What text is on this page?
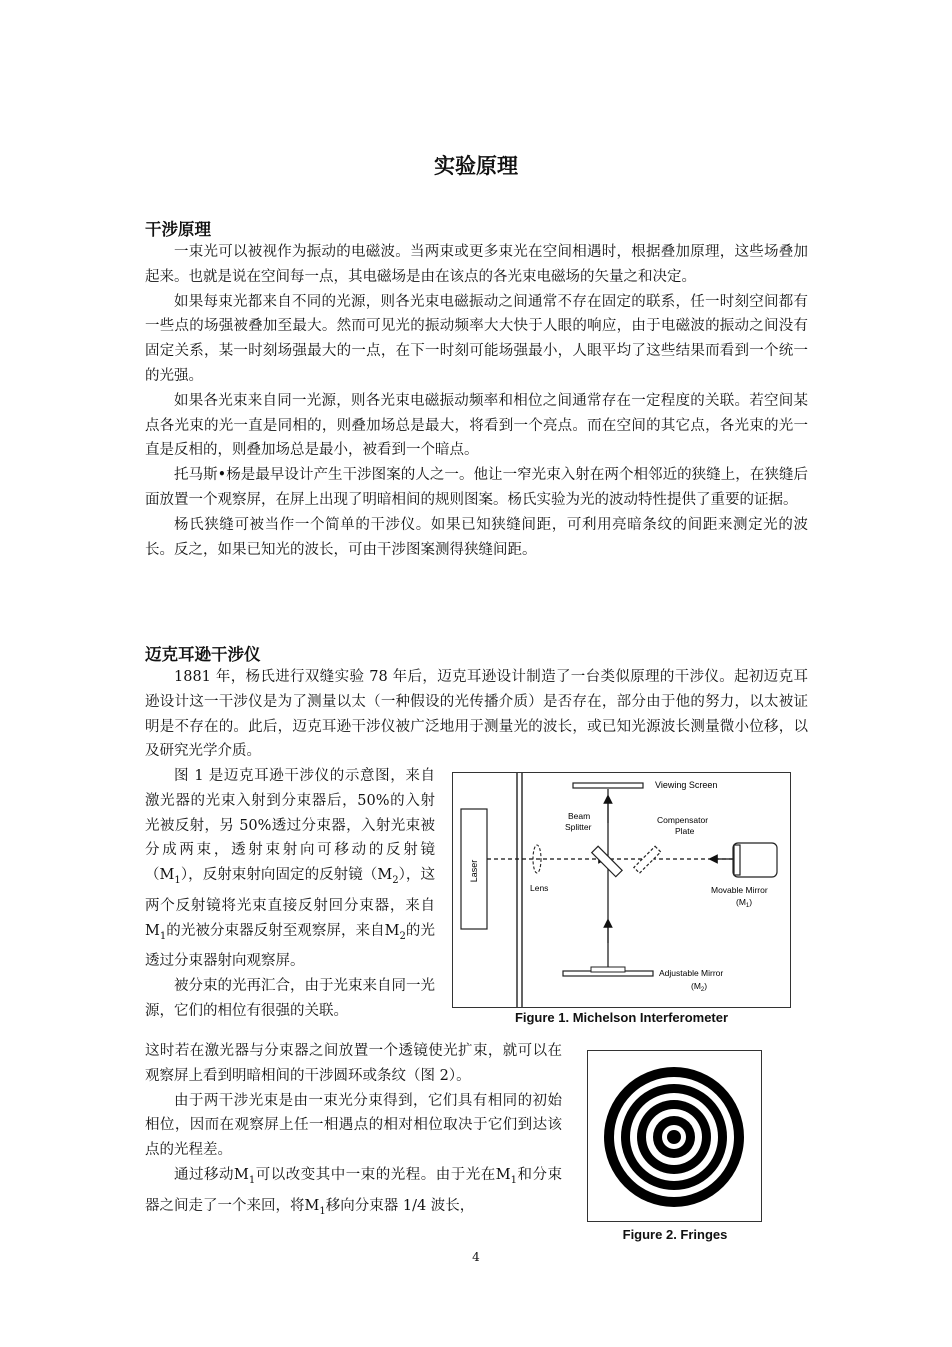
实验原理
干涉原理

一束光可以被视作为振动的电磁波。当两束或更多束光在空间相遇时，根据叠加原理，这些场叠加起来。也就是说在空间每一点，其电磁场是由在该点的各光束电磁场的矢量之和决定。

如果每束光都来自不同的光源，则各光束电磁振动之间通常不存在固定的联系，任一时刻空间都有一些点的场强被叠加至最大。然而可见光的振动频率大大快于人眼的响应，由于电磁波的振动之间没有固定关系，某一时刻场强最大的一点，在下一时刻可能场强最小，人眼平均了这些结果而看到一个统一的光强。

如果各光束来自同一光源，则各光束电磁振动频率和相位之间通常存在一定程度的关联。若空间某点各光束的光一直是同相的，则叠加场总是最大，将看到一个亮点。而在空间的其它点，各光束的光一直是反相的，则叠加场总是最小，被看到一个暗点。

托马斯•杨是最早设计产生干涉图案的人之一。他让一窄光束入射在两个相邻近的狭缝上，在狭缝后面放置一个观察屏，在屏上出现了明暗相间的规则图案。杨氏实验为光的波动特性提供了重要的证据。

杨氏狭缝可被当作一个简单的干涉仪。如果已知狭缝间距，可利用亮暗条纹的间距来测定光的波长。反之，如果已知光的波长，可由干涉图案测得狭缝间距。

迈克耳逊干涉仪

1881 年，杨氏进行双缝实验 78 年后，迈克耳逊设计制造了一台类似原理的干涉仪。起初迈克耳逊设计这一干涉仪是为了测量以太（一种假设的光传播介质）是否存在，部分由于他的努力，以太被证明是不存在的。此后，迈克耳逊干涉仪被广泛地用于测量光的波长，或已知光源波长测量微小位移，以及研究光学介质。

图 1 是迈克耳逊干涉仪的示意图，来自激光器的光束入射到分束器后，50%的入射光被反射，另 50%透过分束器，入射光束被分成两束，透射束射向可移动的反射镜$(M_1)$，反射束射向固定的反射镜$(M_2)$，这两个反射镜将光束直接反射回分束器，来自$M_1$的光被分束器反射至观察屏，来自$M_2$的光透过分束器射向观察屏。

被分束的光再汇合，由于光束来自同一光源，它们的相位有很强的关联。

这时若在激光器与分束器之间放置一个透镜使光扩束，就可以在观察屏上看到明暗相间的干涉圆环或条纹（图 2）。

由于两干涉光束是由一束光分束得到，它们具有相同的初始相位，因而在观察屏上任一相遇点的相对相位取决于它们到达该点的光程差。

通过移动$M_1$可以改变其中一束的光程。由于光在$M_1$和分束器之间走了一个来回，将$M_1$移向分束器 1/4 波长，

Laser
Viewing Screen
Beam
Splitter
Compensator
Plate
Lens	Movable Mirror
$(M_1)$
Adjustable Mirror
$(M_2)$
Figure 1. Michelson Interferometer
Figure 2. Fringes
4
